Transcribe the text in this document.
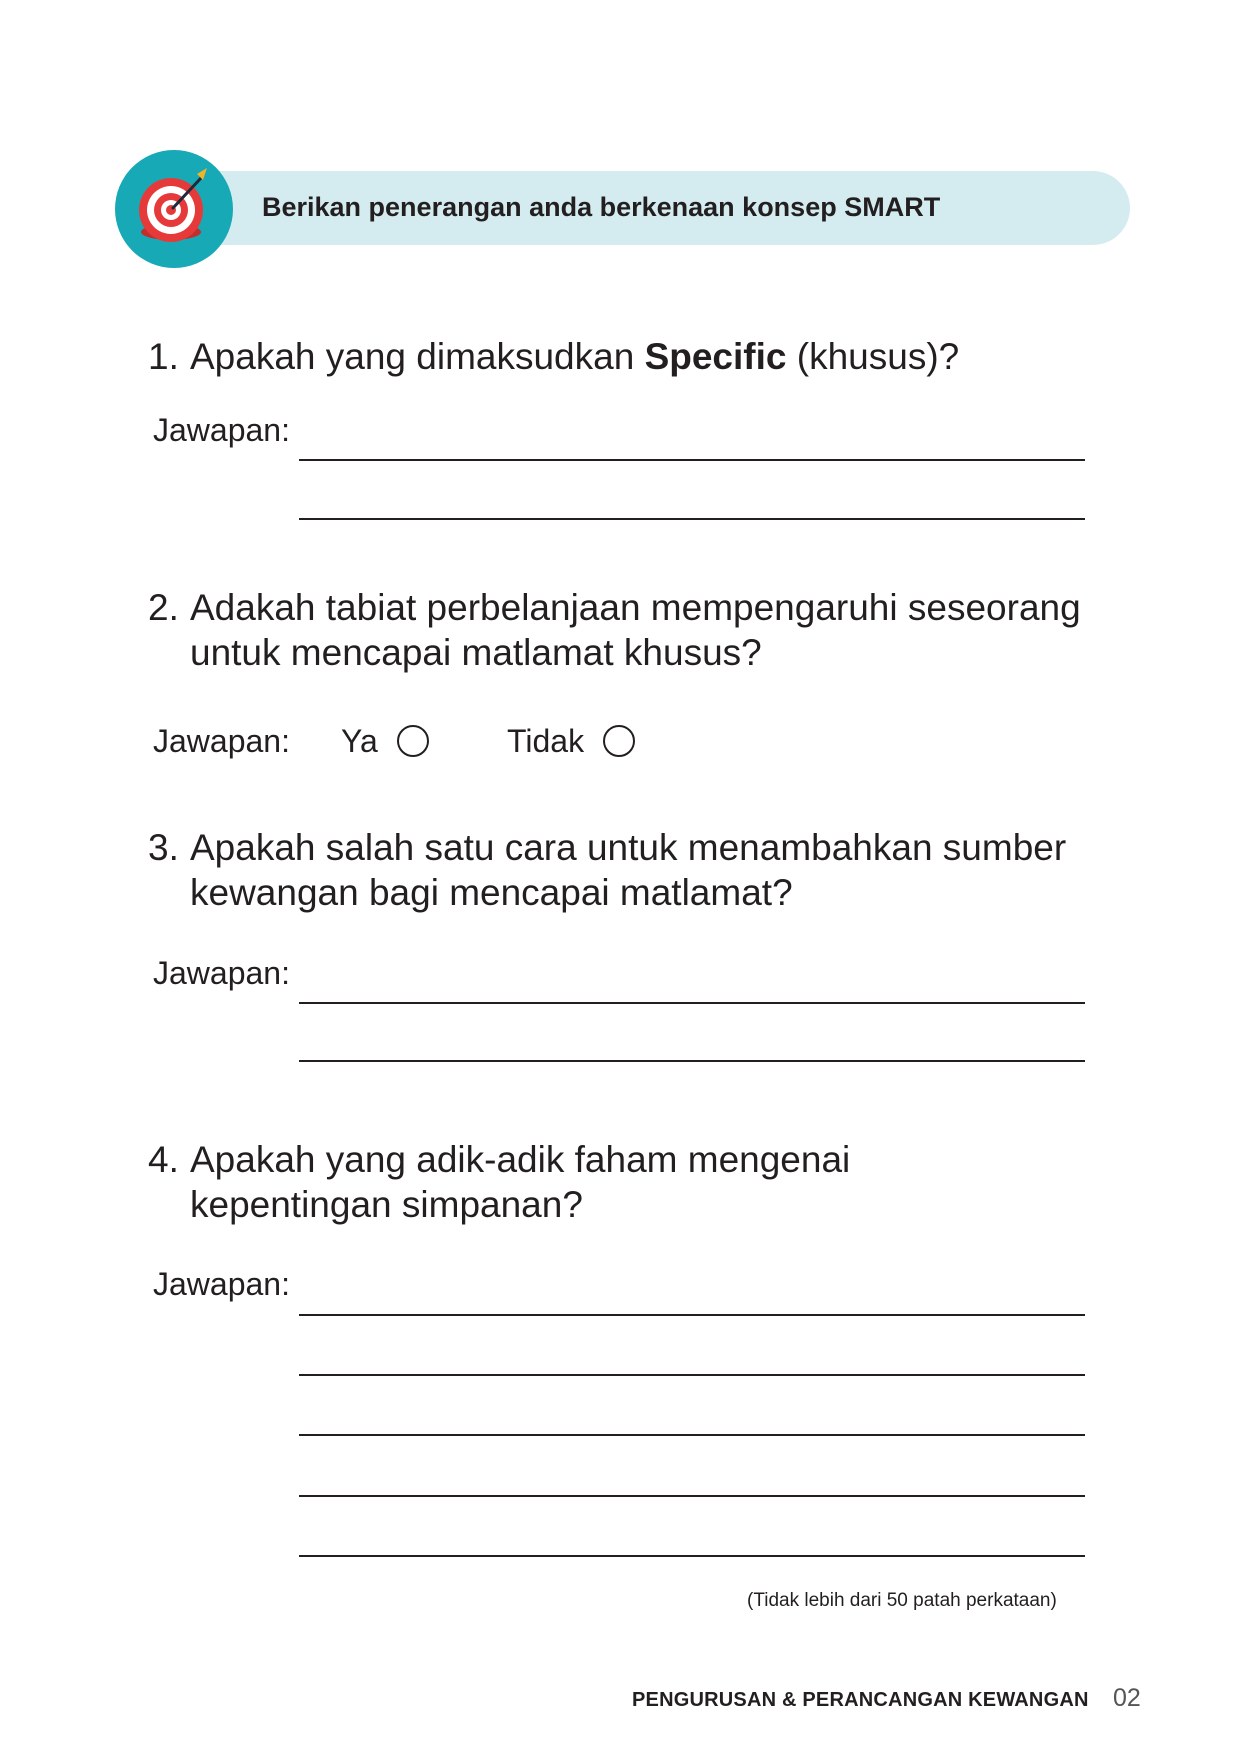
Berikan penerangan anda berkenaan konsep SMART
1. Apakah yang dimaksudkan Specific (khusus)?
Jawapan:
2. Adakah tabiat perbelanjaan mempengaruhi seseorang
untuk mencapai matlamat khusus?
Jawapan: Ya	Tidak
3. Apakah salah satu cara untuk menambahkan sumber
kewangan bagi mencapai matlamat?
Jawapan:
4. Apakah yang adik-adik faham mengenai
kepentingan simpanan?
Jawapan:
(Tidak lebih dari 50 patah perkataan)
PENGURUSAN & PERANCANGAN KEWANGAN 02
